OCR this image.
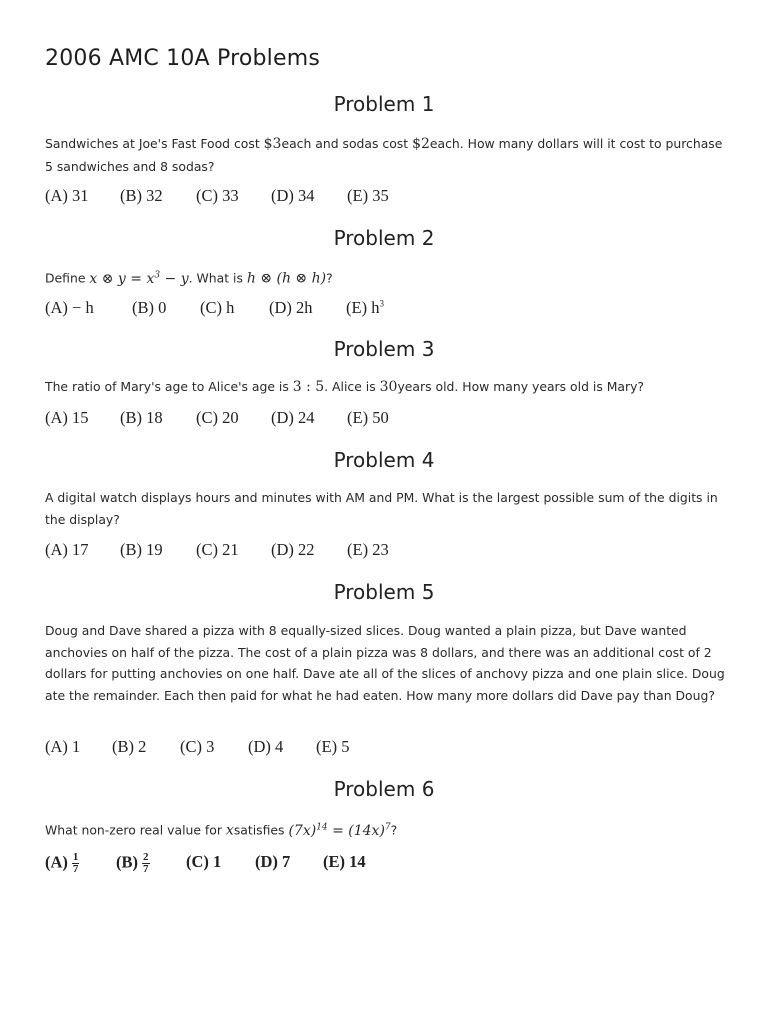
2006 AMC 10A Problems
Problem 1
Sandwiches at Joe's Fast Food cost $3each and sodas cost $2each. How many dollars will it cost to purchase 5 sandwiches and 8 sodas?
(A) 31 (B) 32 (C) 33 (D) 34 (E) 35
Problem 2
Define x ⊗ $y = x^3 - y$. What is h ⊗ (h ⊗ h)?
(A) − h (B) 0 (C) h (D) 2h (E) $h^3$
Problem 3
The ratio of Mary's age to Alice's age is 3 : 5. Alice is 30years old. How many years old is Mary?
(A) 15 (B) 18 (C) 20 (D) 24 (E) 50
Problem 4
A digital watch displays hours and minutes with AM and PM. What is the largest possible sum of the digits in the display?
(A) 17 (B) 19 (C) 21 (D) 22 (E) 23
Problem 5
Doug and Dave shared a pizza with 8 equally-sized slices. Doug wanted a plain pizza, but Dave wanted anchovies on half of the pizza. The cost of a plain pizza was 8 dollars, and there was an additional cost of 2 dollars for putting anchovies on one half. Dave ate all of the slices of anchovy pizza and one plain slice. Doug ate the remainder. Each then paid for what he had eaten. How many more dollars did Dave pay than Doug?
(A) 1 (B) 2 (C) 3 (D) 4 (E) 5
Problem 6
What non-zero real value for xsatisfies $(7x)^{14} = (14x)^7$?
$(A) \frac{1}{7} (B) \frac{2}{7} (C)$ 1 (D) 7 (E) 14
